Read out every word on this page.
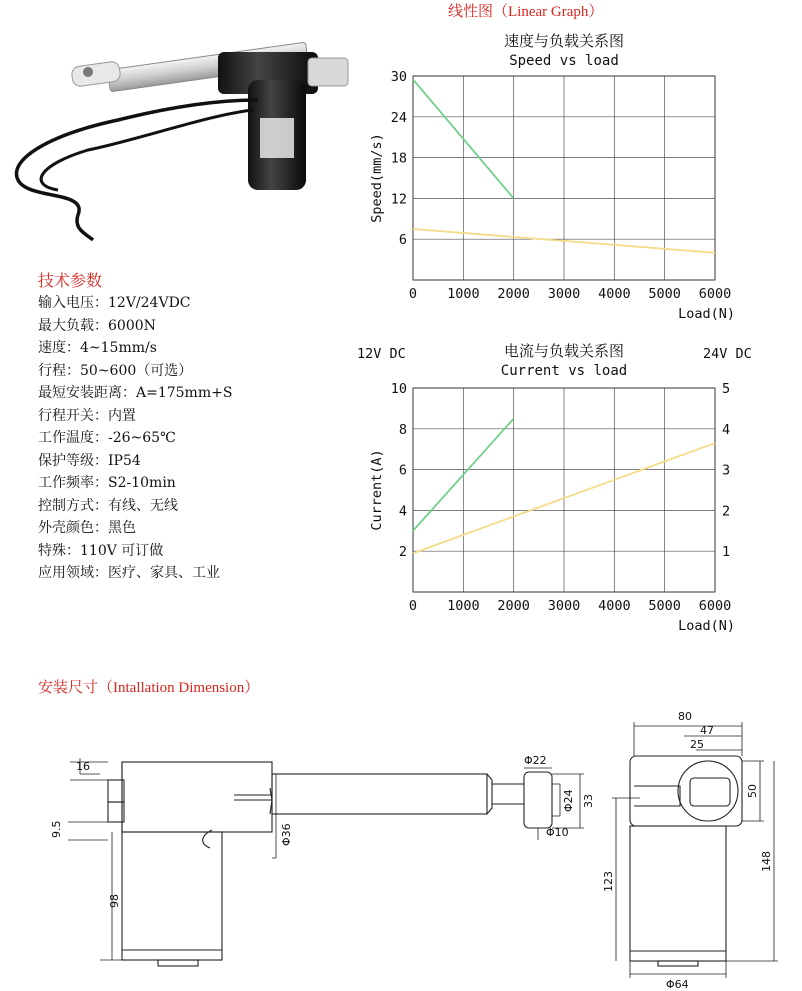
线性图（Linear Graph）
速度与负载关系图
Speed vs load
0 1000 2000 3000 4000 5000 6000
6
12
18
24
30
Load(N)
Speed(mm/s)
电流与负载关系图
Current vs load
0 1000 2000 3000 4000 5000 6000
2
4
6
8
10
1
2
3
4
5
Load(N)
Current(A)
12V DC	24V DC
技术参数
输入电压：12V/24VDC
最大负载：6000N
速度：4~15mm/s
行程：50~600（可选）
最短安装距离：A=175mm+S
行程开关：内置
工作温度：-26~65℃
保护等级：IP54
工作频率：S2-10min
控制方式：有线、无线
外壳颜色：黑色
特殊：110V 可订做
应用领域：医疗、家具、工业
安装尺寸（Intallation Dimension）
16
9.5
98
Φ36
Φ22
Φ24 33
Φ10
80
47
25
50
148
123
Φ64
